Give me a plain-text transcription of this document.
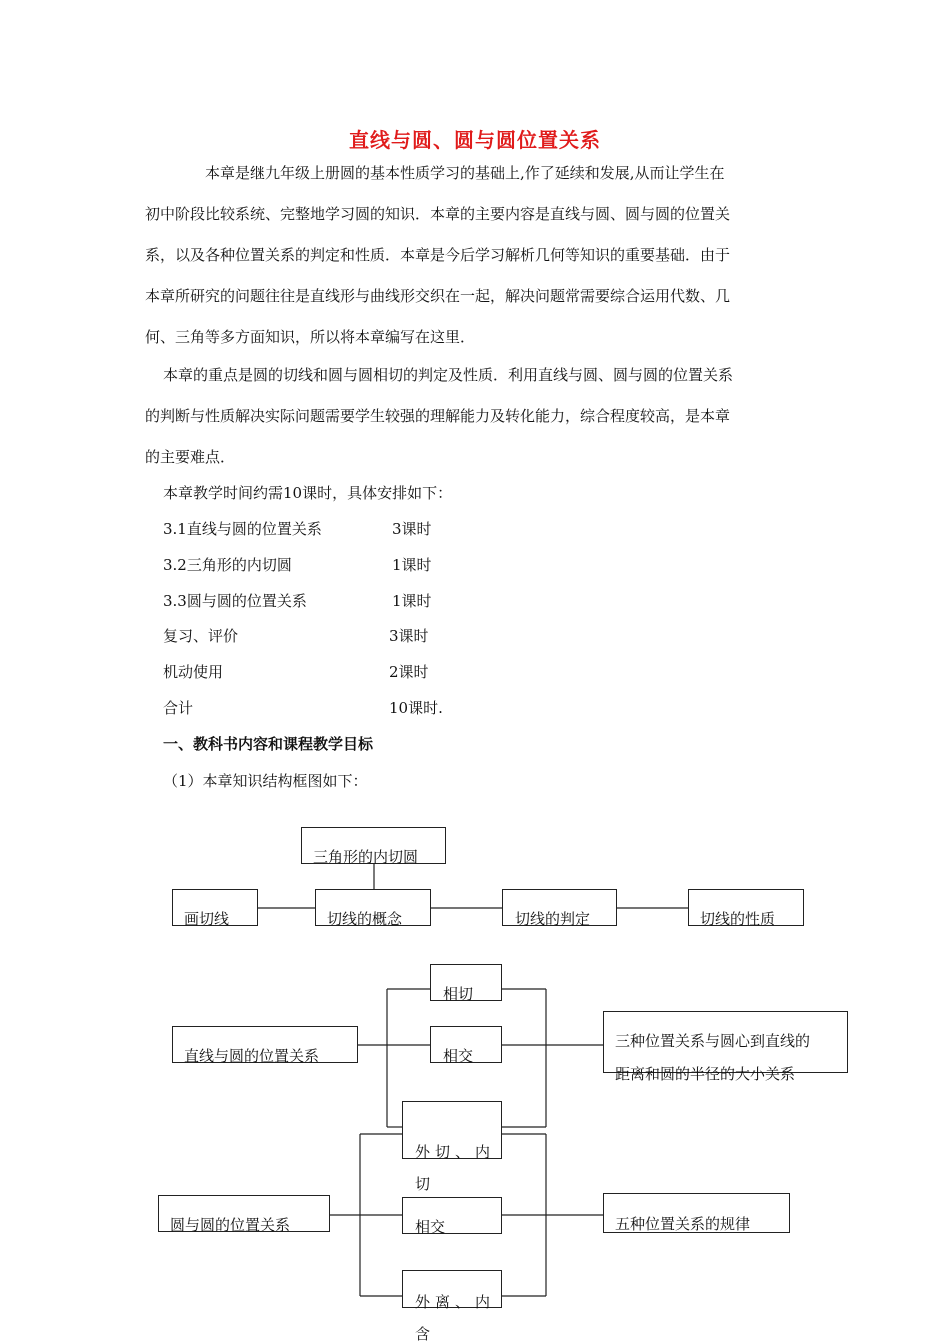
直线与圆、圆与圆位置关系
本章是继九年级上册圆的基本性质学习的基础上,作了延续和发展,从而让学生在
初中阶段比较系统、完整地学习圆的知识．本章的主要内容是直线与圆、圆与圆的位置关
系，以及各种位置关系的判定和性质．本章是今后学习解析几何等知识的重要基础．由于
本章所研究的问题往往是直线形与曲线形交织在一起，解决问题常需要综合运用代数、几
何、三角等多方面知识，所以将本章编写在这里．
本章的重点是圆的切线和圆与圆相切的判定及性质．利用直线与圆、圆与圆的位置关系
的判断与性质解决实际问题需要学生较强的理解能力及转化能力，综合程度较高，是本章
的主要难点．
本章教学时间约需10课时，具体安排如下：
3.1直线与圆的位置关系	3课时
3.2三角形的内切圆	1课时
3.3圆与圆的位置关系	1课时
复习、评价	3课时
机动使用	2课时
合计	10课时.
一、教科书内容和课程教学目标
（1）本章知识结构框图如下：
三角形的内切圆
画切线	切线的概念	切线的判定	切线的性质
直线与圆的位置关系
相切
相交
三种位置关系与圆心到直线的
距离和圆的半径的大小关系
外切、内
切
圆与圆的位置关系	相交	五种位置关系的规律
外离、内
含
